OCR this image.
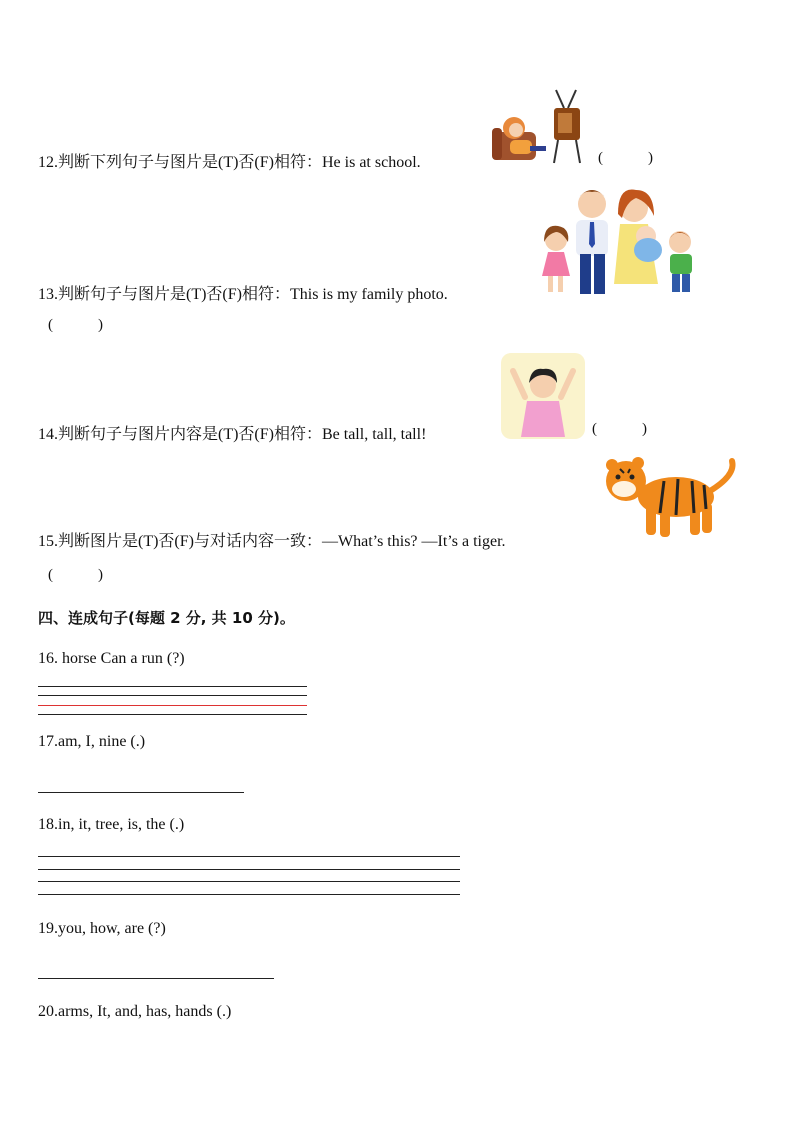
12.判断下列句子与图片是(T)否(F)相符：He is at school.	(            )
13.判断句子与图片是(T)否(F)相符：This is my family photo.
(            )
14.判断句子与图片内容是(T)否(F)相符：Be tall, tall, tall!	(            )
15.判断图片是(T)否(F)与对话内容一致：—What’s this? —It’s a tiger.
(            )
四、连成句子(每题 2 分, 共 10 分)。
16. horse Can a run (?)
17.am, I, nine (.)
18.in, it, tree, is, the (.)
19.you, how, are (?)
20.arms, It, and, has, hands (.)
